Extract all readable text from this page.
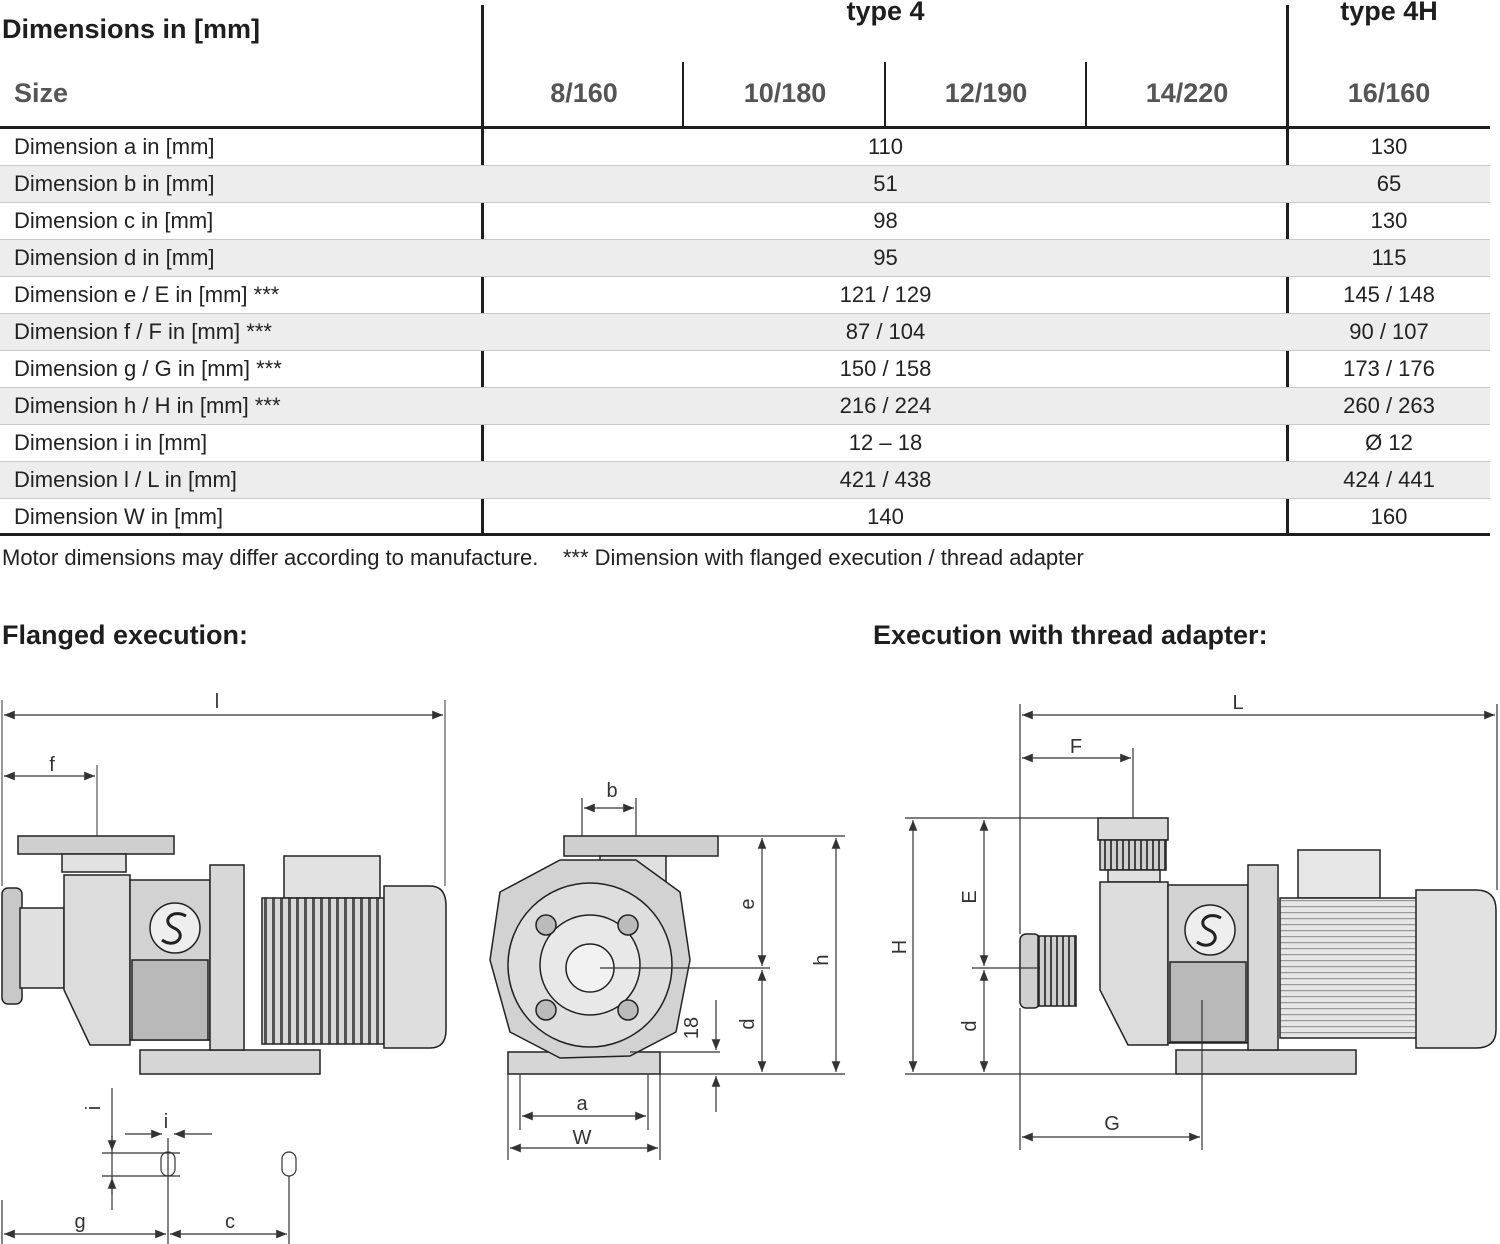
Dimensions in [mm]
type 4	type 4H
Size	8/160	10/180	12/190	14/220	16/160
Dimension a in [mm]	110	130
Dimension b in [mm]	51	65
Dimension c in [mm]	98	130
Dimension d in [mm]	95	115
Dimension e / E in [mm] ***	121 / 129	145 / 148
Dimension f / F in [mm] ***	87 / 104	90 / 107
Dimension g / G in [mm] ***	150 / 158	173 / 176
Dimension h / H in [mm] ***	216 / 224	260 / 263
Dimension i in [mm]	12 – 18	Ø 12
Dimension l / L in [mm]	421 / 438	424 / 441
Dimension W in [mm]	140	160
Motor dimensions may differ according to manufacture.    *** Dimension with flanged execution / thread adapter
Flanged execution:	Execution with thread adapter:
l
f
i
i
g	c
b
e
h
d
18
a
W
L
F
E
H
d
G
